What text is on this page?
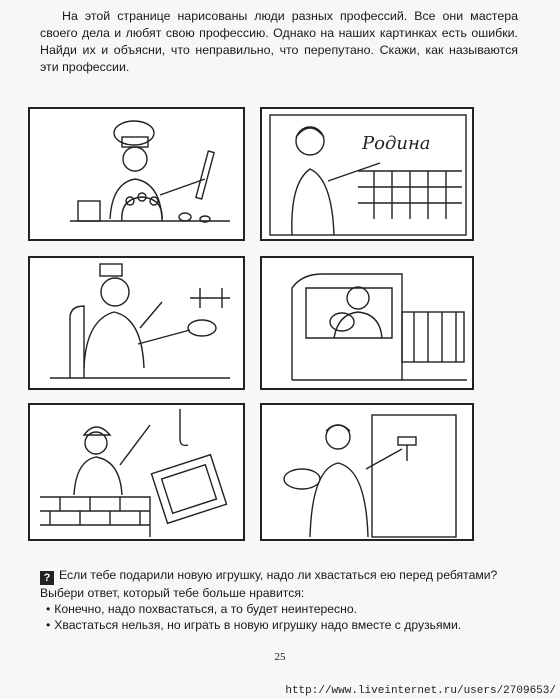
На этой странице нарисованы люди разных профессий. Все они мастера своего дела и любят свою профессию. Однако на наших картинках есть ошибки. Найди их и объясни, что неправильно, что перепутано. Скажи, как называются эти профессии.
Родина
? Если тебе подарили новую игрушку, надо ли хвастаться ею перед ребятами? Выбери ответ, который тебе больше нравится:
• Конечно, надо похвастаться, а то будет неинтересно.
• Хвастаться нельзя, но играть в новую игрушку надо вместе с друзьями.
25
http://www.liveinternet.ru/users/2709653/
